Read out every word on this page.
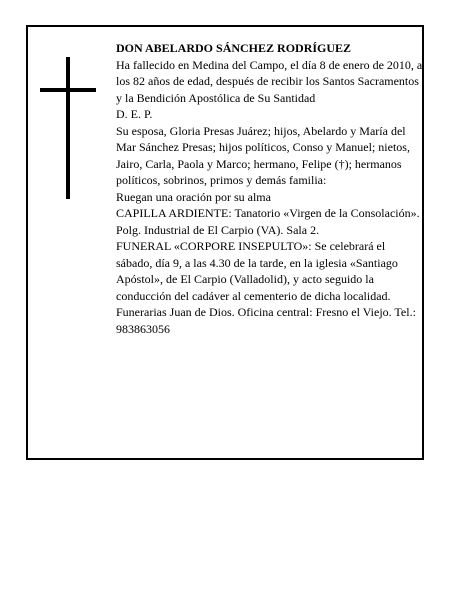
DON ABELARDO SÁNCHEZ RODRÍGUEZ

Ha fallecido en Medina del Campo, el día 8 de enero de 2010, a los 82 años de edad, después de recibir los Santos Sacramentos y la Bendición Apostólica de Su Santidad

D. E. P.

Su esposa, Gloria Presas Juárez; hijos, Abelardo y María del Mar Sánchez Presas; hijos políticos, Conso y Manuel; nietos, Jairo, Carla, Paola y Marco; hermano, Felipe (†); hermanos políticos, sobrinos, primos y demás familia:

Ruegan una oración por su alma

CAPILLA ARDIENTE: Tanatorio «Virgen de la Consolación». Polg. Industrial de El Carpio (VA). Sala 2.

FUNERAL «CORPORE INSEPULTO»: Se celebrará el sábado, día 9, a las 4.30 de la tarde, en la iglesia «Santiago Apóstol», de El Carpio (Valladolid), y acto seguido la conducción del cadáver al cementerio de dicha localidad.

Funerarias Juan de Dios. Oficina central: Fresno el Viejo. Tel.: 983863056
